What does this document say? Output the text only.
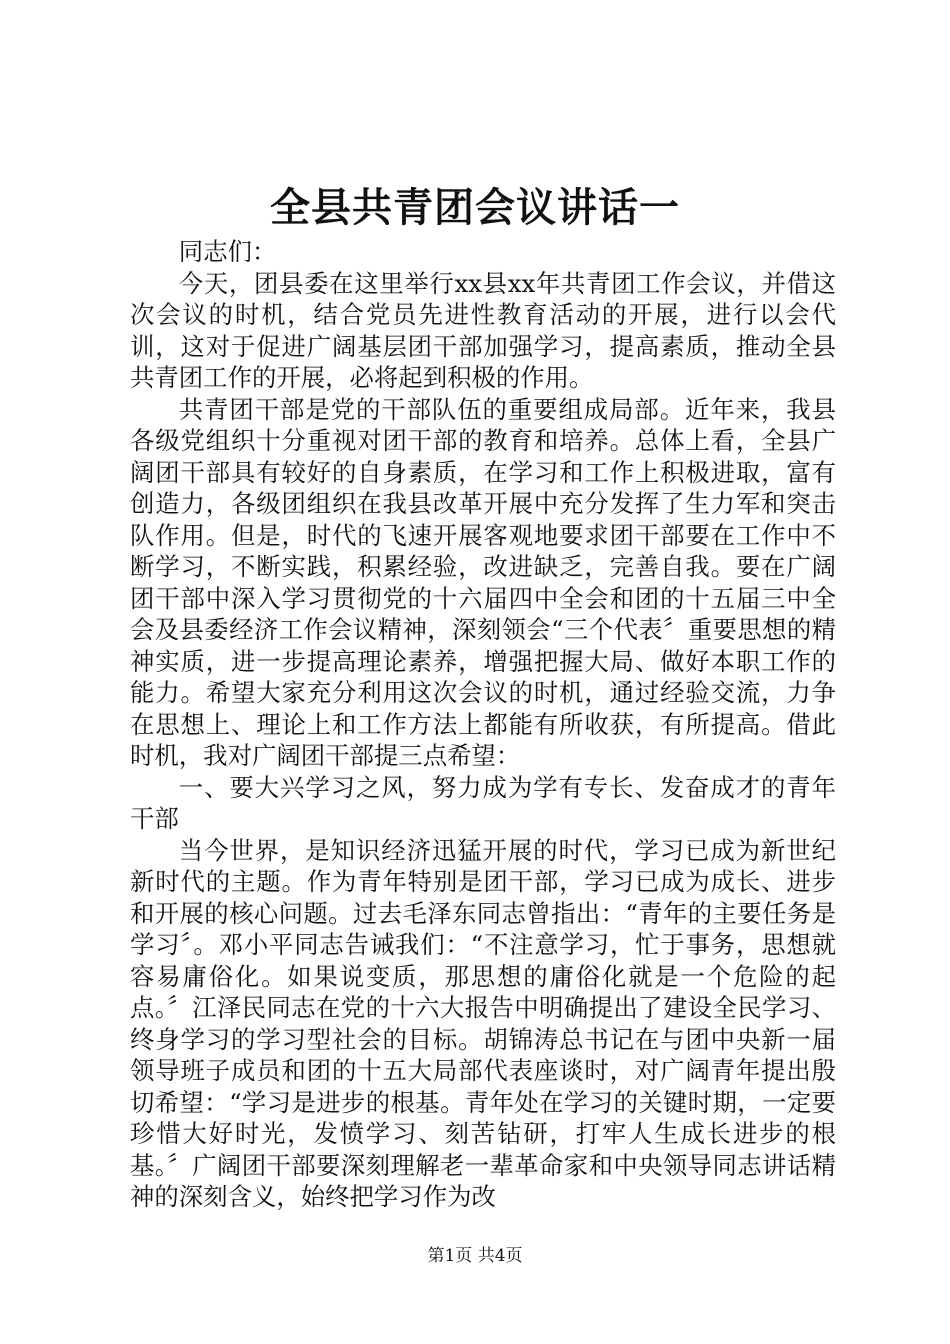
全县共青团会议讲话一

同志们：

今天，团县委在这里举行xx县xx年共青团工作会议，并借这次会议的时机，结合党员先进性教育活动的开展，进行以会代训，这对于促进广阔基层团干部加强学习，提高素质，推动全县共青团工作的开展，必将起到积极的作用。

共青团干部是党的干部队伍的重要组成局部。近年来，我县各级党组织十分重视对团干部的教育和培养。总体上看，全县广阔团干部具有较好的自身素质，在学习和工作上积极进取，富有创造力，各级团组织在我县改革开展中充分发挥了生力军和突击队作用。但是，时代的飞速开展客观地要求团干部要在工作中不断学习，不断实践，积累经验，改进缺乏，完善自我。要在广阔团干部中深入学习贯彻党的十六届四中全会和团的十五届三中全会及县委经济工作会议精神，深刻领会“三个代表〞重要思想的精神实质，进一步提高理论素养，增强把握大局、做好本职工作的能力。希望大家充分利用这次会议的时机，通过经验交流，力争在思想上、理论上和工作方法上都能有所收获，有所提高。借此时机，我对广阔团干部提三点希望：

一、要大兴学习之风，努力成为学有专长、发奋成才的青年干部

当今世界，是知识经济迅猛开展的时代，学习已成为新世纪新时代的主题。作为青年特别是团干部，学习已成为成长、进步和开展的核心问题。过去毛泽东同志曾指出：“青年的主要任务是学习〞。邓小平同志告诫我们：“不注意学习，忙于事务，思想就容易庸俗化。如果说变质，那思想的庸俗化就是一个危险的起点。〞江泽民同志在党的十六大报告中明确提出了建设全民学习、终身学习的学习型社会的目标。胡锦涛总书记在与团中央新一届领导班子成员和团的十五大局部代表座谈时，对广阔青年提出殷切希望：“学习是进步的根基。青年处在学习的关键时期，一定要珍惜大好时光，发愤学习、刻苦钻研，打牢人生成长进步的根基。〞广阔团干部要深刻理解老一辈革命家和中央领导同志讲话精神的深刻含义，始终把学习作为改

第1页 共4页
